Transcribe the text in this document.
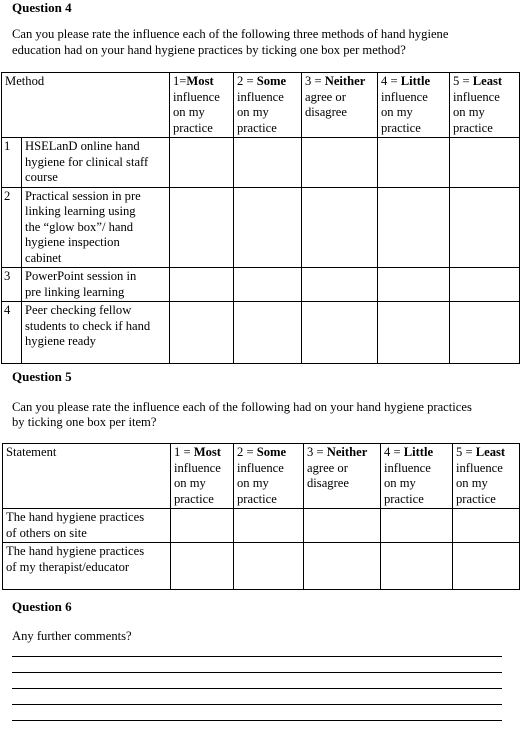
Question 4
Can you please rate the influence each of the following three methods of hand hygiene
education had on your hand hygiene practices by ticking one box per method?
Method		1=Most
influence
on my
practice	2 = Some
influence
on my
practice	3 = Neither
agree or
disagree	4 = Little
influence
on my
practice	5 = Least
influence
on my
practice
1	HSELanD online hand
hygiene for clinical staff
course					
2	Practical session in pre
linking learning using
the “glow box”/ hand
hygiene inspection
cabinet					
3	PowerPoint session in
pre linking learning					
4	Peer checking fellow
students to check if hand
hygiene ready					
Question 5
Can you please rate the influence each of the following had on your hand hygiene practices
by ticking one box per item?
Statement	1 = Most
influence
on my
practice	2 = Some
influence
on my
practice	3 = Neither
agree or
disagree	4 = Little
influence
on my
practice	5 = Least
influence
on my
practice
The hand hygiene practices
of others on site					
The hand hygiene practices
of my therapist/educator					
Question 6
Any further comments?
